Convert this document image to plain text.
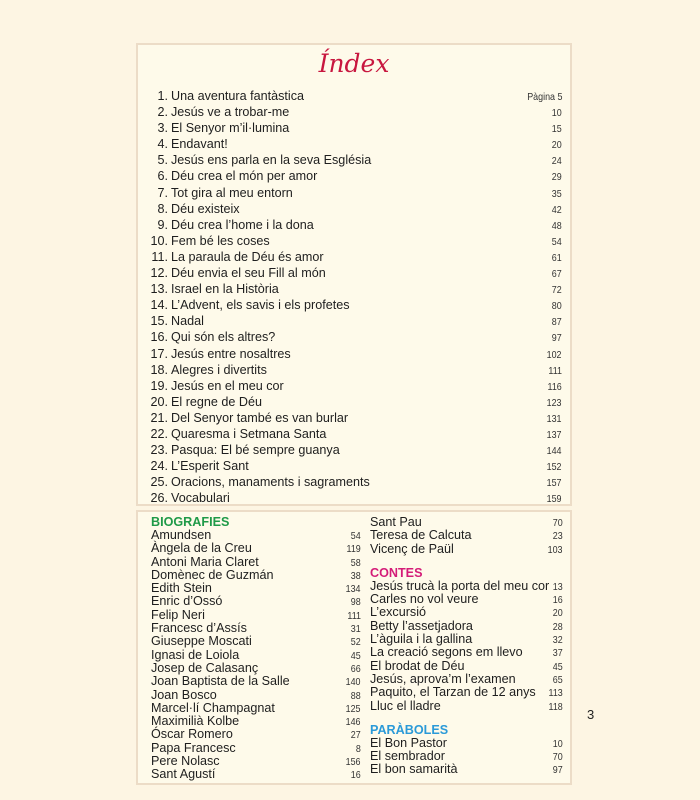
Índex
1. Una aventura fantàstica	Pàgina 5
2. Jesús ve a trobar-me	10
3. El Senyor m’il·lumina	15
4. Endavant!	20
5. Jesús ens parla en la seva Església	24
6. Déu crea el món per amor	29
7. Tot gira al meu entorn	35
8. Déu existeix	42
9. Déu crea l’home i la dona	48
10. Fem bé les coses	54
11. La paraula de Déu és amor	61
12. Déu envia el seu Fill al món	67
13. Israel en la Història	72
14. L’Advent, els savis i els profetes	80
15. Nadal	87
16. Qui són els altres?	97
17. Jesús entre nosaltres	102
18. Alegres i divertits	111
19. Jesús en el meu cor	116
20. El regne de Déu	123
21. Del Senyor també es van burlar	131
22. Quaresma i Setmana Santa	137
23. Pasqua: El bé sempre guanya	144
24. L’Esperit Sant	152
25. Oracions, manaments i sagraments	157
26. Vocabulari	159
BIOGRAFIES
Amundsen	54
Àngela de la Creu	119
Antoni Maria Claret	58
Domènec de Guzmán	38
Edith Stein	134
Enric d’Ossó	98
Felip Neri	111
Francesc d’Assís	31
Giuseppe Moscati	52
Ignasi de Loiola	45
Josep de Calasanç	66
Joan Baptista de la Salle	140
Joan Bosco	88
Marcel·lí Champagnat	125
Maximilià Kolbe	146
Óscar Romero	27
Papa Francesc	8
Pere Nolasc	156
Sant Agustí	16
Sant Pau	70
Teresa de Calcuta	23
Vicenç de Paül	103
CONTES
Jesús trucà la porta del meu cor 13
Carles no vol veure	16
L’excursió	20
Betty l’assetjadora	28
L’àguila i la gallina	32
La creació segons em llevo	37
El brodat de Déu	45
Jesús, aprova’m l’examen	65
Paquito, el Tarzan de 12 anys 113
Lluc el lladre	118
PARÀBOLES
El Bon Pastor	10
El sembrador	70
El bon samarità	97
3
